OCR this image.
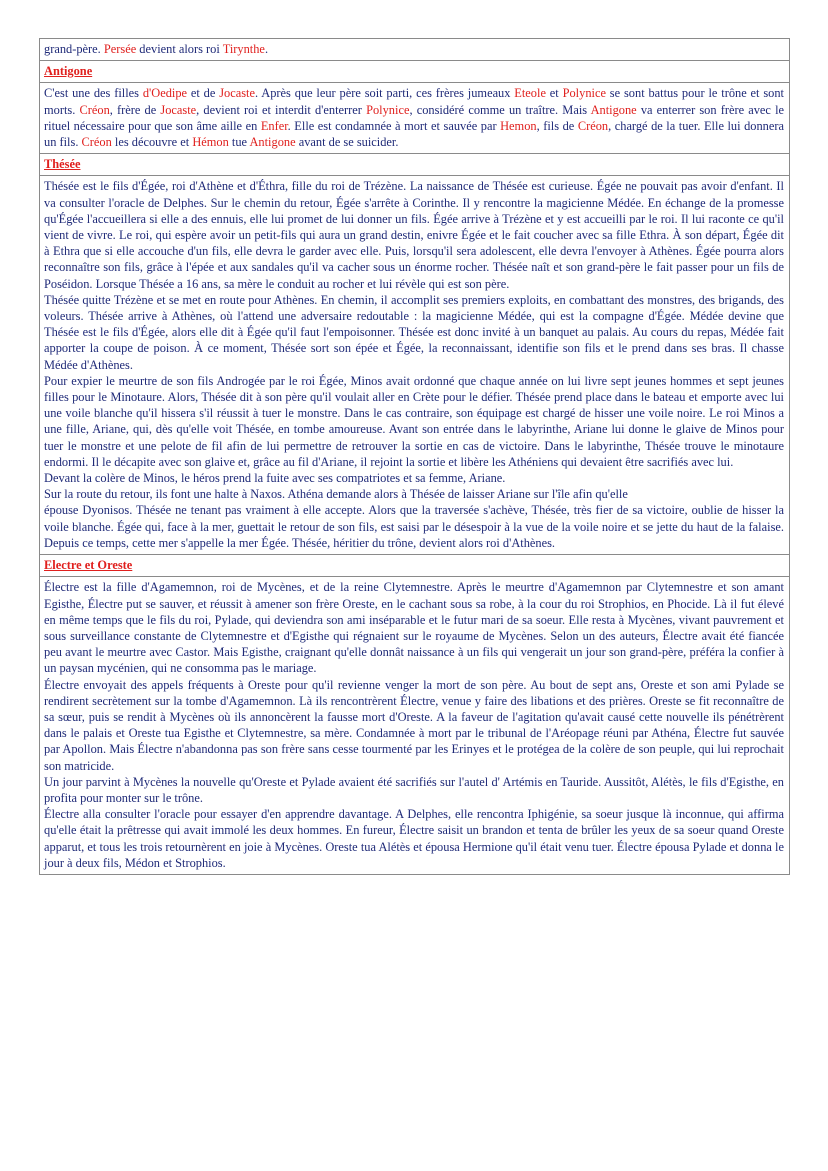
grand-père. Persée devient alors roi Tirynthe.
Antigone
C'est une des filles d'Oedipe et de Jocaste. Après que leur père soit parti, ces frères jumeaux Eteole et Polynice se sont battus pour le trône et sont morts. Créon, frère de Jocaste, devient roi et interdit d'enterrer Polynice, considéré comme un traître. Mais Antigone va enterrer son frère avec le rituel nécessaire pour que son âme aille en Enfer. Elle est condamnée à mort et sauvée par Hemon, fils de Créon, chargé de la tuer. Elle lui donnera un fils. Créon les découvre et Hémon tue Antigone avant de se suicider.
Thésée

Thésée est le fils d'Égée, roi d'Athène et d'Éthra, fille du roi de Trézène. La naissance de Thésée est curieuse. Égée ne pouvait pas avoir d'enfant. Il va consulter l'oracle de Delphes. Sur le chemin du retour, Égée s'arrête à Corinthe. Il y rencontre la magicienne Médée. En échange de la promesse qu'Égée l'accueillera si elle a des ennuis, elle lui promet de lui donner un fils. Égée arrive à Trézène et y est accueilli par le roi. Il lui raconte ce qu'il vient de vivre. Le roi, qui espère avoir un petit-fils qui aura un grand destin, enivre Égée et le fait coucher avec sa fille Ethra. À son départ, Égée dit à Ethra que si elle accouche d'un fils, elle devra le garder avec elle. Puis, lorsqu'il sera adolescent, elle devra l'envoyer à Athènes. Égée pourra alors reconnaître son fils, grâce à l'épée et aux sandales qu'il va cacher sous un énorme rocher. Thésée naît et son grand-père le fait passer pour un fils de Poséidon. Lorsque Thésée a 16 ans, sa mère le conduit au rocher et lui révèle qui est son père.

Thésée quitte Trézène et se met en route pour Athènes. En chemin, il accomplit ses premiers exploits, en combattant des monstres, des brigands, des voleurs. Thésée arrive à Athènes, où l'attend une adversaire redoutable : la magicienne Médée, qui est la compagne d'Égée. Médée devine que Thésée est le fils d'Égée, alors elle dit à Égée qu'il faut l'empoisonner. Thésée est donc invité à un banquet au palais. Au cours du repas, Médée fait apporter la coupe de poison. À ce moment, Thésée sort son épée et Égée, la reconnaissant, identifie son fils et le prend dans ses bras. Il chasse Médée d'Athènes.

Pour expier le meurtre de son fils Androgée par le roi Égée, Minos avait ordonné que chaque année on lui livre sept jeunes hommes et sept jeunes filles pour le Minotaure. Alors, Thésée dit à son père qu'il voulait aller en Crète pour le défier. Thésée prend place dans le bateau et emporte avec lui une voile blanche qu'il hissera s'il réussit à tuer le monstre. Dans le cas contraire, son équipage est chargé de hisser une voile noire. Le roi Minos a une fille, Ariane, qui, dès qu'elle voit Thésée, en tombe amoureuse. Avant son entrée dans le labyrinthe, Ariane lui donne le glaive de Minos pour tuer le monstre et une pelote de fil afin de lui permettre de retrouver la sortie en cas de victoire. Dans le labyrinthe, Thésée trouve le minotaure endormi. Il le décapite avec son glaive et, grâce au fil d'Ariane, il rejoint la sortie et libère les Athéniens qui devaient être sacrifiés avec lui.

Devant la colère de Minos, le héros prend la fuite avec ses compatriotes et sa femme, Ariane.

Sur la route du retour, ils font une halte à Naxos. Athéna demande alors à Thésée de laisser Ariane sur l'île afin qu'elle

épouse Dyonisos. Thésée ne tenant pas vraiment à elle accepte. Alors que la traversée s'achève, Thésée, très fier de sa victoire, oublie de hisser la voile blanche. Égée qui, face à la mer, guettait le retour de son fils, est saisi par le désespoir à la vue de la voile noire et se jette du haut de la falaise. Depuis ce temps, cette mer s'appelle la mer Égée. Thésée, héritier du trône, devient alors roi d'Athènes.

Electre et Oreste

Électre est la fille d'Agamemnon, roi de Mycènes, et de la reine Clytemnestre. Après le meurtre d'Agamemnon par Clytemnestre et son amant Egisthe, Électre put se sauver, et réussit à amener son frère Oreste, en le cachant sous sa robe, à la cour du roi Strophios, en Phocide. Là il fut élevé en même temps que le fils du roi, Pylade, qui deviendra son ami inséparable et le futur mari de sa soeur. Elle resta à Mycènes, vivant pauvrement et sous surveillance constante de Clytemnestre et d'Egisthe qui régnaient sur le royaume de Mycènes. Selon un des auteurs, Électre avait été fiancée peu avant le meurtre avec Castor. Mais Egisthe, craignant qu'elle donnât naissance à un fils qui vengerait un jour son grand-père, préféra la confier à un paysan mycénien, qui ne consomma pas le mariage.

Électre envoyait des appels fréquents à Oreste pour qu'il revienne venger la mort de son père. Au bout de sept ans, Oreste et son ami Pylade se rendirent secrètement sur la tombe d'Agamemnon. Là ils rencontrèrent Électre, venue y faire des libations et des prières. Oreste se fit reconnaître de sa sœur, puis se rendit à Mycènes où ils annoncèrent la fausse mort d'Oreste. A la faveur de l'agitation qu'avait causé cette nouvelle ils pénétrèrent dans le palais et Oreste tua Egisthe et Clytemnestre, sa mère. Condamnée à mort par le tribunal de l'Aréopage réuni par Athéna, Électre fut sauvée par Apollon. Mais Électre n'abandonna pas son frère sans cesse tourmenté par les Erinyes et le protégea de la colère de son peuple, qui lui reprochait son matricide.

Un jour parvint à Mycènes la nouvelle qu'Oreste et Pylade avaient été sacrifiés sur l'autel d' Artémis en Tauride. Aussitôt, Alétès, le fils d'Egisthe, en profita pour monter sur le trône.

Électre alla consulter l'oracle pour essayer d'en apprendre davantage. A Delphes, elle rencontra Iphigénie, sa soeur jusque là inconnue, qui affirma qu'elle était la prêtresse qui avait immolé les deux hommes. En fureur, Électre saisit un brandon et tenta de brûler les yeux de sa soeur quand Oreste apparut, et tous les trois retournèrent en joie à Mycènes. Oreste tua Alétès et épousa Hermione qu'il était venu tuer. Électre épousa Pylade et donna le jour à deux fils, Médon et Strophios.
